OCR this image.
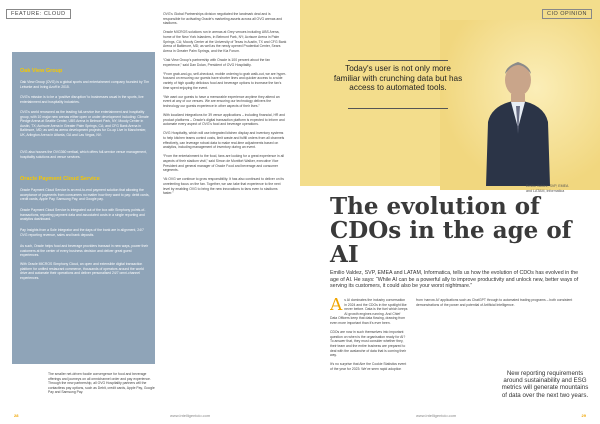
FEATURE: CLOUD
Oak View Group
Oak View Group (OVG) is a global sports and entertainment company founded by Tim Leiweke and Irving Azoff in 2015.
OVG's mission is to be a ‘positive disruption’ to businesses usual in the sports, live entertainment and hospitality industries.
OVG's world renowned as the leading full-service live entertainment and hospitality group, with 10 major new arenas either open or under development including: Climate Pledge Arena at Seattle Center, UBS Arena in Belmont Park, NY; Moody Center in Austin, TX; Acrisure Arena in Greater Palm Springs, CA; and CFG Bank Arena in Baltimore, MD; as well as arena development projects for Co-op Live in Manchester, UK, Arlington Arena in Atlanta, GA and Las Vegas, NV.
OVG also houses the OVG360 vertical, which offers full-service venue management, hospitality solutions and venue services.
Oracle Payment Cloud Service
Oracle Payment Cloud Service is an end-to-end payment solution that allowing the acceptance of payments from consumers no matter how they want to pay: debit cards, credit cards, Apple Pay, Samsung Pay, and Google pay.
Oracle Payment Cloud Service is integrated out of the box with Simphony points-of-transactions, reporting payment data and associated costs in a single reporting and analytics dashboard.
Pay Insights from a Sole Integrator and the days of the bank are in alignment, 24/7 OVG reporting revenue, sales and bank deposits.
As such, Oracle helps food and beverage providers transact in new ways, power their customers at the center of every business decision and deliver great guest experiences.
With Oracle MICROS Simphony Cloud, an open and extensible digital transaction platform for unified restaurant commerce, thousands of operators around the world drive and automate their operations and deliver personalised 24/7 omni-channel experiences.
The smaller net-driven foodie convergence for food and beverage offerings and journeys on all omnichannel order and pay experience. Through the new partnership, all OVG Hospitality partners will the contactless pay options, such as Debit, credit cards, Apple Pay, Google Pay and Samsung Pay.
OVG's Global Partnerships division negotiated the landmark deal and is responsible for activating Oracle's marketing assets across all OVG arenas and stadiums.

Oracle MICROS solutions run in arenas at Grey venues including UBS Arena, home of the New York Islanders, in Belmont Park, NY; Acrisure Arena in Palm Springs, CA; Moody Center at the University of Texas in Austin, TX and CFG Bank Arena of Baltimore, MD; as well as the newly opened Prudential Center, Sears Arena in Greater Palm Springs, and the Kia Forum.

“Oak View Group's partnership with Oracle is 100 percent about the fan experience,” said Dan Dolan, President of OVG Hospitality.

“From grab-and-go, self-checkout, mobile ordering to grab walk-out, we are hyper-focused on ensuring our guests have shorter lines and quicker access to a wide variety of high quality delicious food and beverage options to increase the fan's time spent enjoying the event.

“We want our guests to have a memorable experience anytime they attend an event at any of our venues. We are ensuring our technology delivers the technology our guests experience in other aspects of their lives.”

With localized integrations for 39 venue applications – including financial, HR and product platforms – Oracle's digital transaction platform is expected to inform and automate every aspect of OVG's food and beverage operations.

OVG Hospitality, which will use integrated kitchen display and inventory systems to help kitchen teams control costs, limit waste and fulfill orders from all channels effectively, can leverage robust data to make real-time adjustments based on analytics, including management of inventory during an event.

“From the entertainment to the food, fans are looking for a great experience in all aspects of their stadium visit,” said Simon de Montfort Walker, executive Vice President and general manager of Oracle Food and beverage and consumer segments.

“At OVG we continue to grow responsibility. It has also continued to deliver on its unrelenting focus on the fan. Together, we can take that experience to the next level by enabling OVG to bring the new innovations to fans even to stadiums faster.”
28	www.intelligentcio.com
CIO OPINION
Today's user is not only more familiar with crunching data but has access to automated tools.
Emilio Valdez, SVP, EMEA
and LATAM, Informatica
The evolution of CDOs in the age of AI
Emilio Valdez, SVP, EMEA and LATAM, Informatica, tells us how the evolution of CDOs has evolved in the age of AI. He says: “While AI can be a powerful ally to improve productivity and unlock new, better ways of serving its customers, it could also be your worst nightmare.”
As AI dominates the industry conversation in 2024 and the CDOs in the spotlight like never before. Data is the fuel which keeps AI growth engines running. And Chief Data Officers keep that data flowing, drawing from even more important than it's ever been.

CDOs are now in such themselves into important question on when is the organisation ready for AI? To answer that, they must consider whether they, their team and the entire business are prepared to deal with the avalanche of data that is coming their way.

It's no surprise that Aire the Cookie Statistics event of the year for 2023: We've seen rapid adoption
from ‘narrow AI’ applications such as ChatGPT through to automated trading programs – both consistent demonstrations of the power and potential of Artificial Intelligence.
New reporting requirements around sustainability and ESG metrics will generate mountains of data over the next two years.
www.intelligentcio.com	29
